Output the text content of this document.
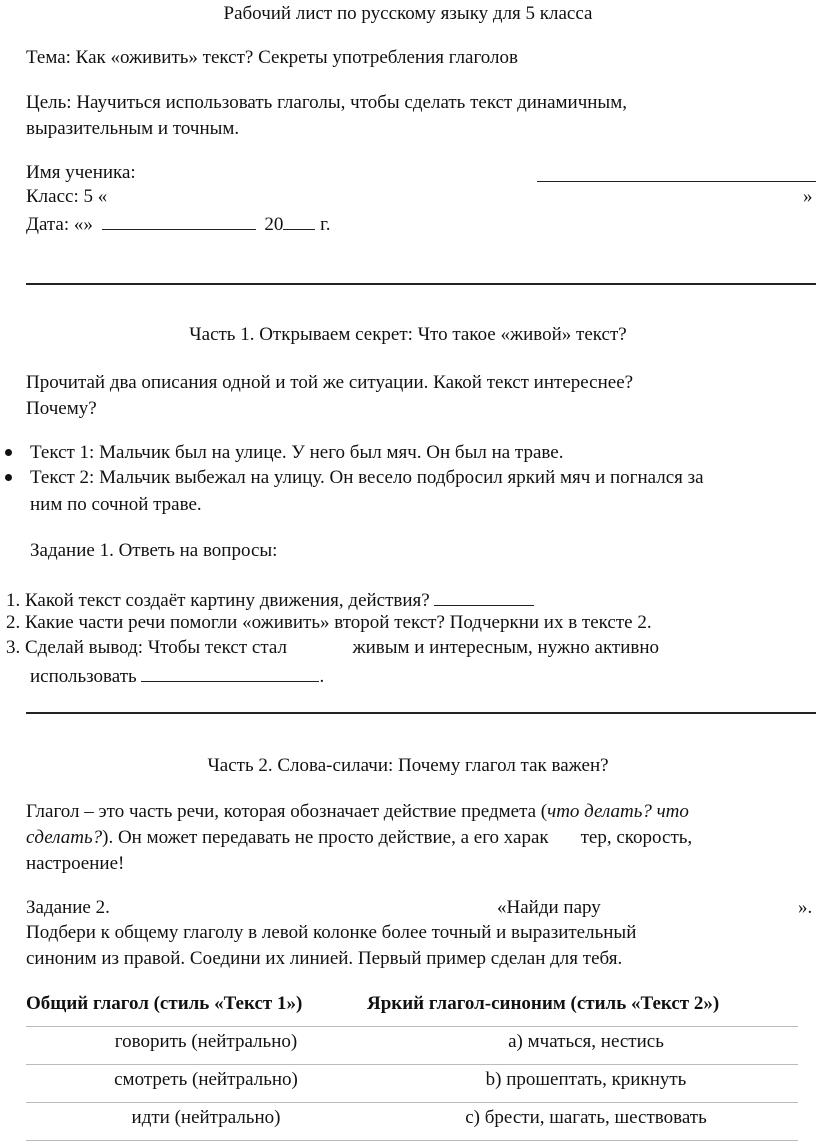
Рабочий лист по русскому языку для 5 класса
Тема: Как «оживить» текст? Секреты употребления глаголов
Цель: Научиться использовать глаголы, чтобы сделать текст динамичным,
выразительным и точным.
Имя ученика:
Класс: 5 «	»
Дата: «»	20 г.
Часть 1. Открываем секрет: Что такое «живой» текст?
Прочитай два описания одной и той же ситуации. Какой текст интереснее?
Почему?
Текст 1: Мальчик был на улице. У него был мяч. Он был на траве.
Текст 2: Мальчик выбежал на улицу. Он весело подбросил яркий мяч и погнался за
ним по сочной траве.
Задание 1. Ответь на вопросы:
1. Какой текст создаёт картину движения, действия?
2. Какие части речи помогли «оживить» второй текст? Подчеркни их в тексте 2.
3. Сделай вывод: Чтобы текст стал	живым и интересным, нужно активно
использовать	.
Часть 2. Слова-силачи: Почему глагол так важен?
Глагол – это часть речи, которая обозначает действие предмета (что делать? что
сделать?). Он может передавать не просто действие, а его харак тер, скорость,
настроение!
Задание 2.	«Найди пару	».
Подбери к общему глаголу в левой колонке более точный и выразительный
синоним из правой. Соедини их линией. Первый пример сделан для тебя.
Общий глагол (стиль «Текст 1»)	Яркий глагол-синоним (стиль «Текст 2»)
говорить (нейтрально)	а) мчаться, нестись
смотреть (нейтрально)	b) прошептать, крикнуть
идти (нейтрально)	с) брести, шагать, шествовать
